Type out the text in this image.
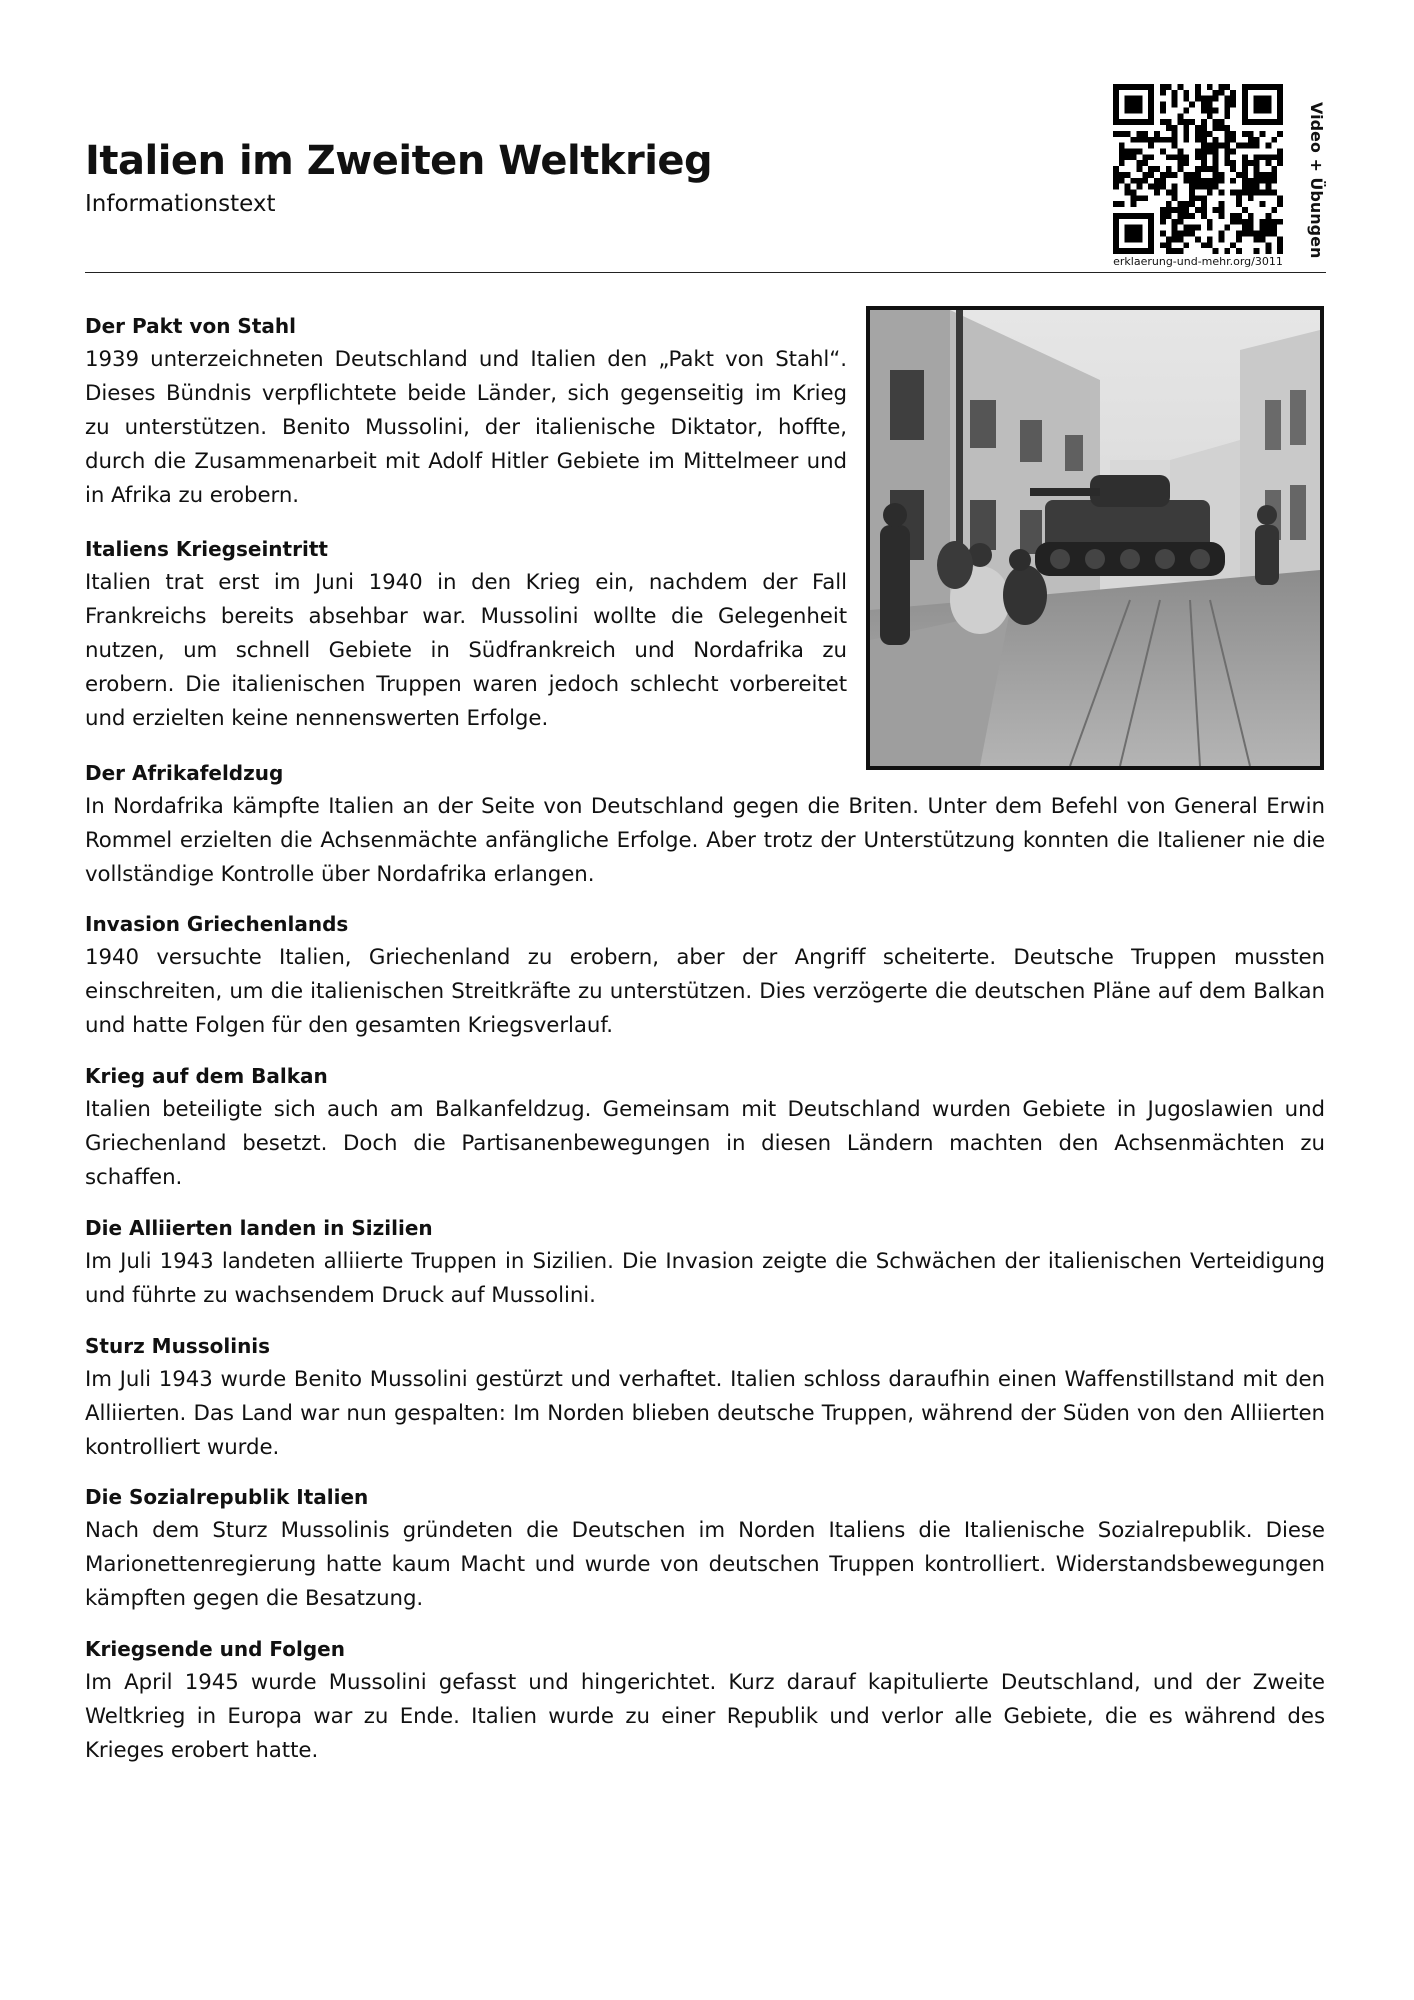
Italien im Zweiten Weltkrieg
Informationstext
erklaerung-und-mehr.org/3011
Video + Übungen
Der Pakt von Stahl

1939 unterzeichneten Deutschland und Italien den „Pakt von Stahl“. Dieses Bündnis verpflichtete beide Länder, sich gegenseitig im Krieg zu unterstützen. Benito Mussolini, der italienische Diktator, hoffte, durch die Zusammenarbeit mit Adolf Hitler Gebiete im Mittelmeer und in Afrika zu erobern.

Italiens Kriegseintritt

Italien trat erst im Juni 1940 in den Krieg ein, nachdem der Fall Frankreichs bereits absehbar war. Mussolini wollte die Gelegenheit nutzen, um schnell Gebiete in Südfrankreich und Nordafrika zu erobern. Die italienischen Truppen waren jedoch schlecht vorbereitet und erzielten keine nennenswerten Erfolge.

Der Afrikafeldzug

In Nordafrika kämpfte Italien an der Seite von Deutschland gegen die Briten. Unter dem Befehl von General Erwin Rommel erzielten die Achsenmächte anfängliche Erfolge. Aber trotz der Unterstützung konnten die Italiener nie die vollständige Kontrolle über Nordafrika erlangen.

Invasion Griechenlands

1940 versuchte Italien, Griechenland zu erobern, aber der Angriff scheiterte. Deutsche Truppen mussten einschreiten, um die italienischen Streitkräfte zu unterstützen. Dies verzögerte die deutschen Pläne auf dem Balkan und hatte Folgen für den gesamten Kriegsverlauf.

Krieg auf dem Balkan

Italien beteiligte sich auch am Balkanfeldzug. Gemeinsam mit Deutschland wurden Gebiete in Jugoslawien und Griechenland besetzt. Doch die Partisanenbewegungen in diesen Ländern machten den Achsenmächten zu schaffen.

Die Alliierten landen in Sizilien

Im Juli 1943 landeten alliierte Truppen in Sizilien. Die Invasion zeigte die Schwächen der italienischen Verteidigung und führte zu wachsendem Druck auf Mussolini.

Sturz Mussolinis

Im Juli 1943 wurde Benito Mussolini gestürzt und verhaftet. Italien schloss daraufhin einen Waffenstillstand mit den Alliierten. Das Land war nun gespalten: Im Norden blieben deutsche Truppen, während der Süden von den Alliierten kontrolliert wurde.

Die Sozialrepublik Italien

Nach dem Sturz Mussolinis gründeten die Deutschen im Norden Italiens die Italienische Sozialrepublik. Diese Marionettenregierung hatte kaum Macht und wurde von deutschen Truppen kontrolliert. Widerstandsbewegungen kämpften gegen die Besatzung.

Kriegsende und Folgen

Im April 1945 wurde Mussolini gefasst und hingerichtet. Kurz darauf kapitulierte Deutschland, und der Zweite Weltkrieg in Europa war zu Ende. Italien wurde zu einer Republik und verlor alle Gebiete, die es während des Krieges erobert hatte.
